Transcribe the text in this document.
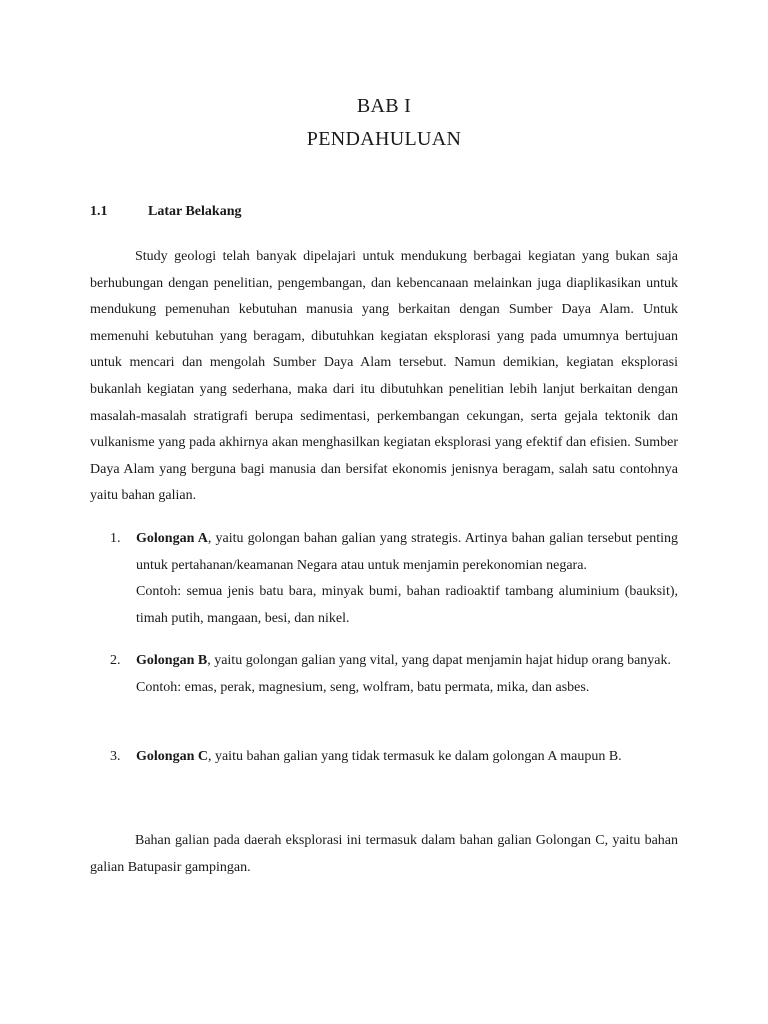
BAB I
PENDAHULUAN
1.1	Latar Belakang
Study geologi telah banyak dipelajari untuk mendukung berbagai kegiatan yang bukan saja berhubungan dengan penelitian, pengembangan, dan kebencanaan melainkan juga diaplikasikan untuk mendukung pemenuhan kebutuhan manusia yang berkaitan dengan Sumber Daya Alam. Untuk memenuhi kebutuhan yang beragam, dibutuhkan kegiatan eksplorasi yang pada umumnya bertujuan untuk mencari dan mengolah Sumber Daya Alam tersebut. Namun demikian, kegiatan eksplorasi bukanlah kegiatan yang sederhana, maka dari itu dibutuhkan penelitian lebih lanjut berkaitan dengan masalah-masalah stratigrafi berupa sedimentasi, perkembangan cekungan, serta gejala tektonik dan vulkanisme yang pada akhirnya akan menghasilkan kegiatan eksplorasi yang efektif dan efisien. Sumber Daya Alam yang berguna bagi manusia dan bersifat ekonomis jenisnya beragam, salah satu contohnya yaitu bahan galian.
1.	Golongan A, yaitu golongan bahan galian yang strategis. Artinya bahan galian tersebut penting untuk pertahanan/keamanan Negara atau untuk menjamin perekonomian negara.
Contoh: semua jenis batu bara, minyak bumi, bahan radioaktif tambang aluminium (bauksit), timah putih, mangaan, besi, dan nikel.
2.	Golongan B, yaitu golongan galian yang vital, yang dapat menjamin hajat hidup orang banyak.
Contoh: emas, perak, magnesium, seng, wolfram, batu permata, mika, dan asbes.
3.	Golongan C, yaitu bahan galian yang tidak termasuk ke dalam golongan A maupun B.
Bahan galian pada daerah eksplorasi ini termasuk dalam bahan galian Golongan C, yaitu bahan galian Batupasir gampingan.
